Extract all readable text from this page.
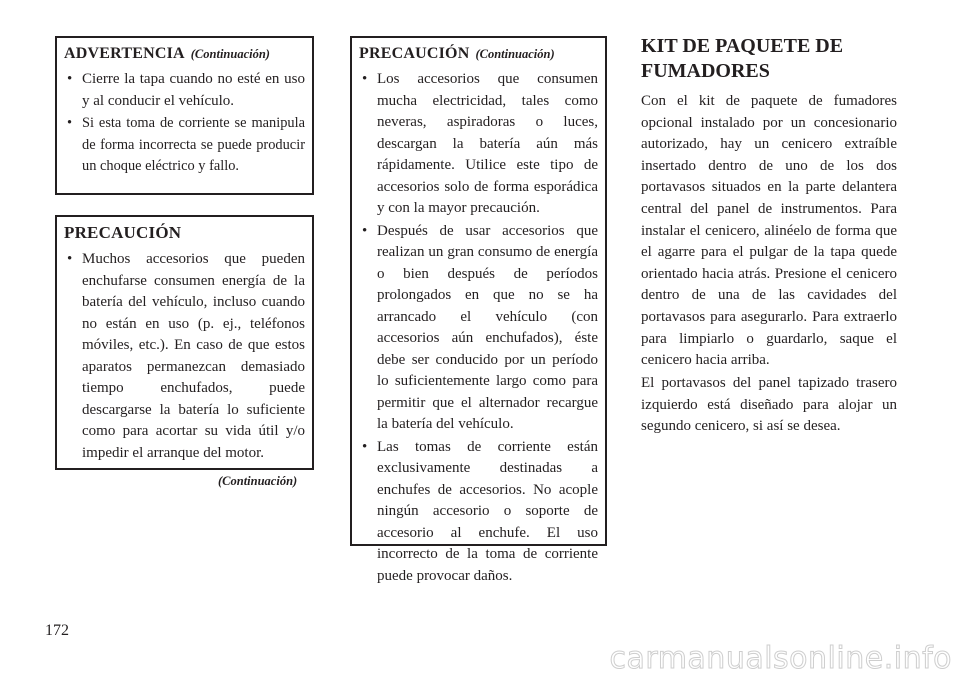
ADVERTENCIA (Continuación)
• Cierre la tapa cuando no esté en uso y al conducir el vehículo.
• Si esta toma de corriente se manipula de forma incorrecta se puede producir un choque eléctrico y fallo.
PRECAUCIÓN
• Muchos accesorios que pueden enchufarse consumen energía de la batería del vehículo, incluso cuando no están en uso (p. ej., teléfonos móviles, etc.). En caso de que estos aparatos permanezcan demasiado tiempo enchufados, puede descargarse la batería lo suficiente como para acortar su vida útil y/o impedir el arranque del motor.
(Continuación)
PRECAUCIÓN (Continuación)
• Los accesorios que consumen mucha electricidad, tales como neveras, aspiradoras o luces, descargan la batería aún más rápidamente. Utilice este tipo de accesorios solo de forma esporádica y con la mayor precaución.
• Después de usar accesorios que realizan un gran consumo de energía o bien después de períodos prolongados en que no se ha arrancado el vehículo (con accesorios aún enchufados), éste debe ser conducido por un período lo suficientemente largo como para permitir que el alternador recargue la batería del vehículo.
• Las tomas de corriente están exclusivamente destinadas a enchufes de accesorios. No acople ningún accesorio o soporte de accesorio al enchufe. El uso incorrecto de la toma de corriente puede provocar daños.
KIT DE PAQUETE DE FUMADORES

Con el kit de paquete de fumadores opcional instalado por un concesionario autorizado, hay un cenicero extraíble insertado dentro de uno de los dos portavasos situados en la parte delantera central del panel de instrumentos. Para instalar el cenicero, alinéelo de forma que el agarre para el pulgar de la tapa quede orientado hacia atrás. Presione el cenicero dentro de una de las cavidades del portavasos para asegurarlo. Para extraerlo para limpiarlo o guardarlo, saque el cenicero hacia arriba.

El portavasos del panel tapizado trasero izquierdo está diseñado para alojar un segundo cenicero, si así se desea.

172
carmanualsonline.info
